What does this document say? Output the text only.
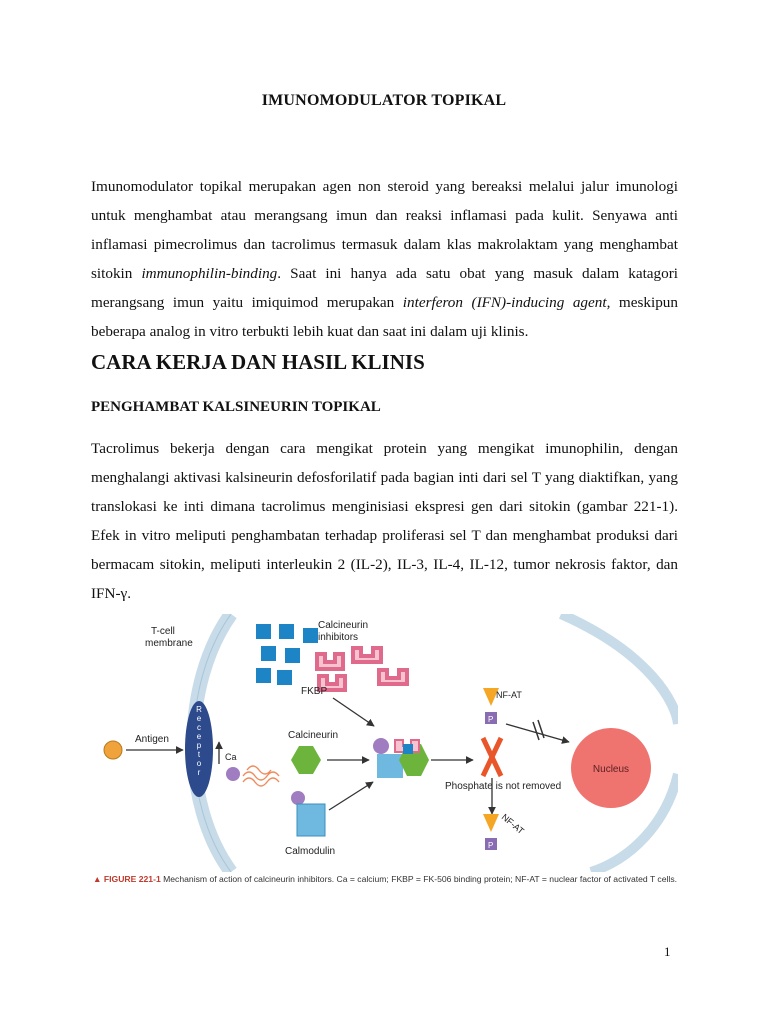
IMUNOMODULATOR TOPIKAL

Imunomodulator topikal merupakan agen non steroid yang bereaksi melalui jalur imunologi untuk menghambat atau merangsang imun dan reaksi inflamasi pada kulit. Senyawa anti inflamasi pimecrolimus dan tacrolimus termasuk dalam klas makrolaktam yang menghambat sitokin immunophilin-binding. Saat ini hanya ada satu obat yang masuk dalam katagori merangsang imun yaitu imiquimod merupakan interferon (IFN)-inducing agent, meskipun beberapa analog in vitro terbukti lebih kuat dan saat ini dalam uji klinis.

CARA KERJA DAN HASIL KLINIS
PENGHAMBAT KALSINEURIN TOPIKAL

Tacrolimus bekerja dengan cara mengikat protein yang mengikat imunophilin, dengan menghalangi aktivasi kalsineurin defosforilatif pada bagian inti dari sel T yang diaktifkan, yang translokasi ke inti dimana tacrolimus menginisiasi ekspresi gen dari sitokin (gambar 221-1). Efek in vitro meliputi penghambatan terhadap proliferasi sel T dan menghambat produksi dari bermacam sitokin, meliputi interleukin 2 (IL-2), IL-3, IL-4, IL-12, tumor nekrosis faktor, dan IFN-γ.

T-cell
membrane
Calcineurin
inhibitors
FKBP	NF-AT
P
R e c e p t o r
Antigen
Ca
Calcineurin
Phosphate is not removed
Nucleus
NF-AT
P
Calmodulin
▲ FIGURE 221-1 Mechanism of action of calcineurin inhibitors. Ca = calcium; FKBP = FK-506 binding protein; NF-AT = nuclear factor of activated T cells.
1
